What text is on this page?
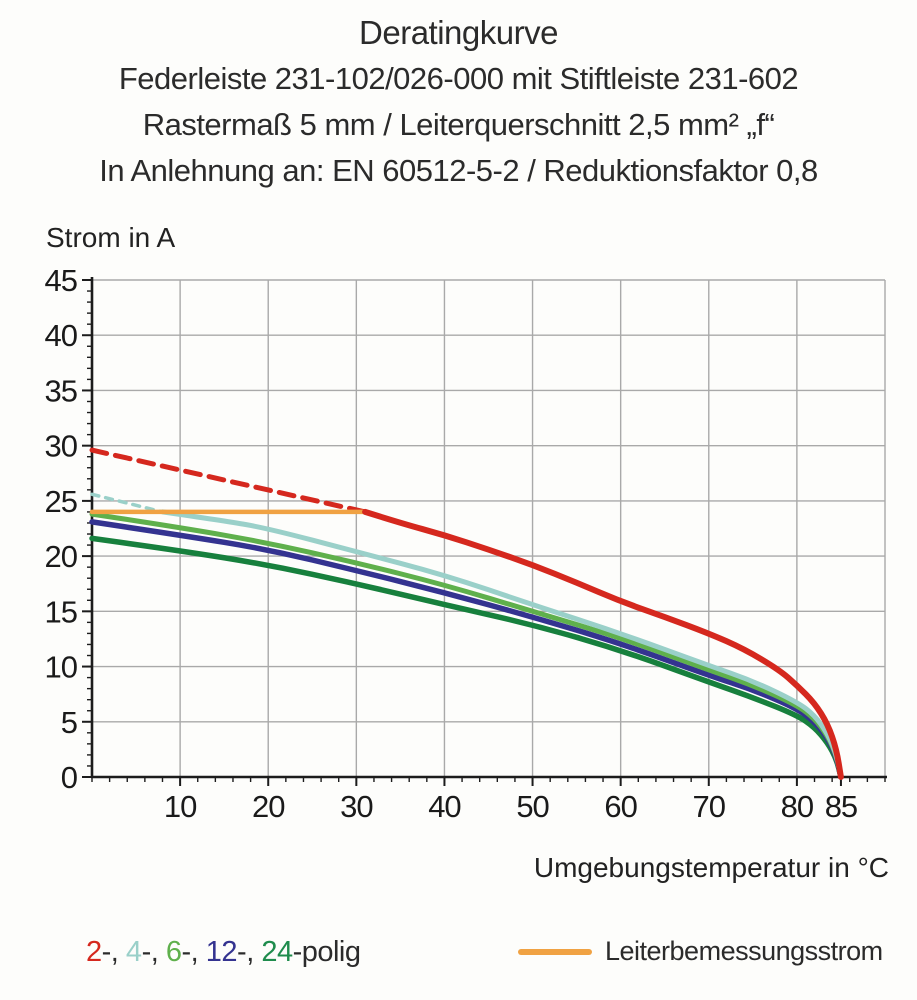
Deratingkurve
Federleiste 231-102/026-000 mit Stiftleiste 231-602
Rastermaß 5 mm / Leiterquerschnitt 2,5 mm² „f“
In Anlehnung an: EN 60512-5-2 / Reduktionsfaktor 0,8
Strom in A
10 20 30 40 50 60 70 80 85
0
5
10
15
20
25
30
35
40
45
Umgebungstemperatur in °C
2-, 4-, 6-, 12-, 24-polig	Leiterbemessungsstrom
